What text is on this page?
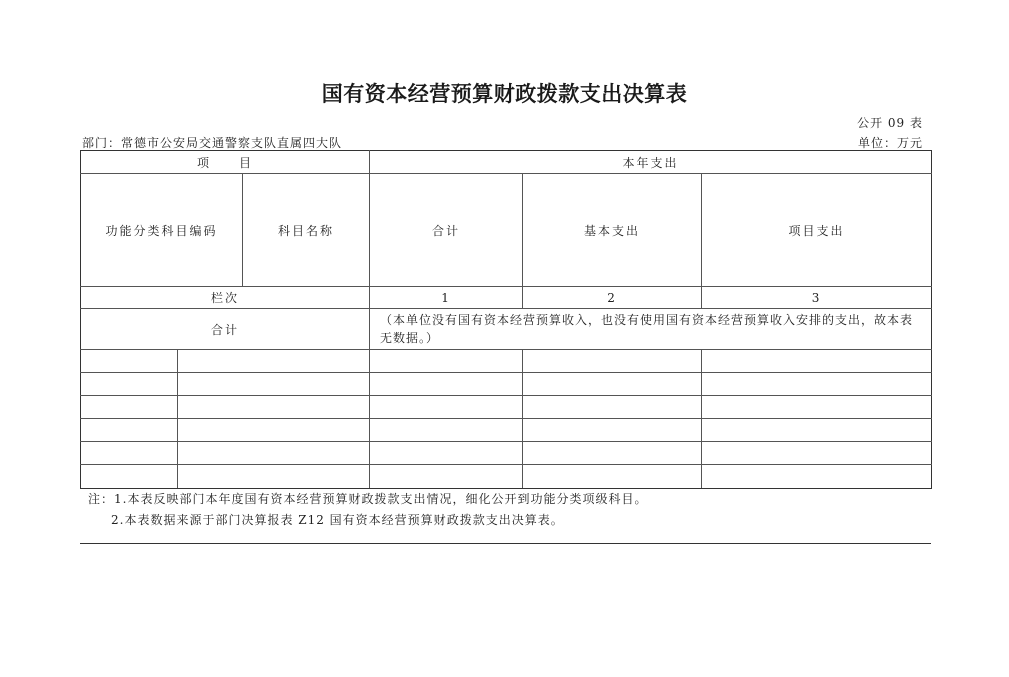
国有资本经营预算财政拨款支出决算表
公开 09 表
部门：常德市公安局交通警察支队直属四大队	单位：万元
项　　目			本年支出		
功能分类科目编码		科目名称	合计	基本支出	项目支出
栏次			1	2	3
合计			（本单位没有国有资本经营预算收入，也没有使用国有资本经营预算收入安排的支出，故本表无数据。）		

注：1.本表反映部门本年度国有资本经营预算财政拨款支出情况，细化公开到功能分类项级科目。
2.本表数据来源于部门决算报表 Z12 国有资本经营预算财政拨款支出决算表。
